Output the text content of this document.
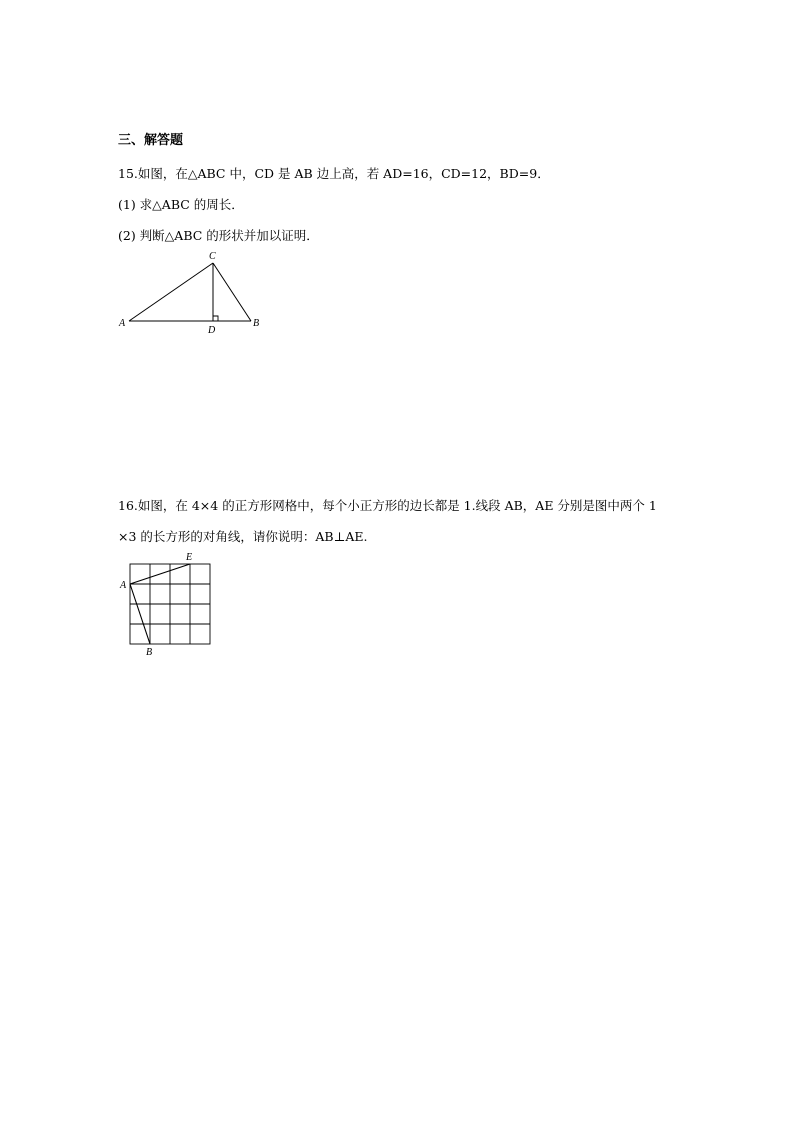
三、解答题
15.如图，在△ABC 中，CD 是 AB 边上高，若 AD=16，CD=12，BD=9．
(1) 求△ABC 的周长．
(2) 判断△ABC 的形状并加以证明．
A	B
C
D
16.如图，在 4×4 的正方形网格中，每个小正方形的边长都是 1.线段 AB，AE 分别是图中两个 1
×3 的长方形的对角线，请你说明：AB⊥AE.
A
E
B
